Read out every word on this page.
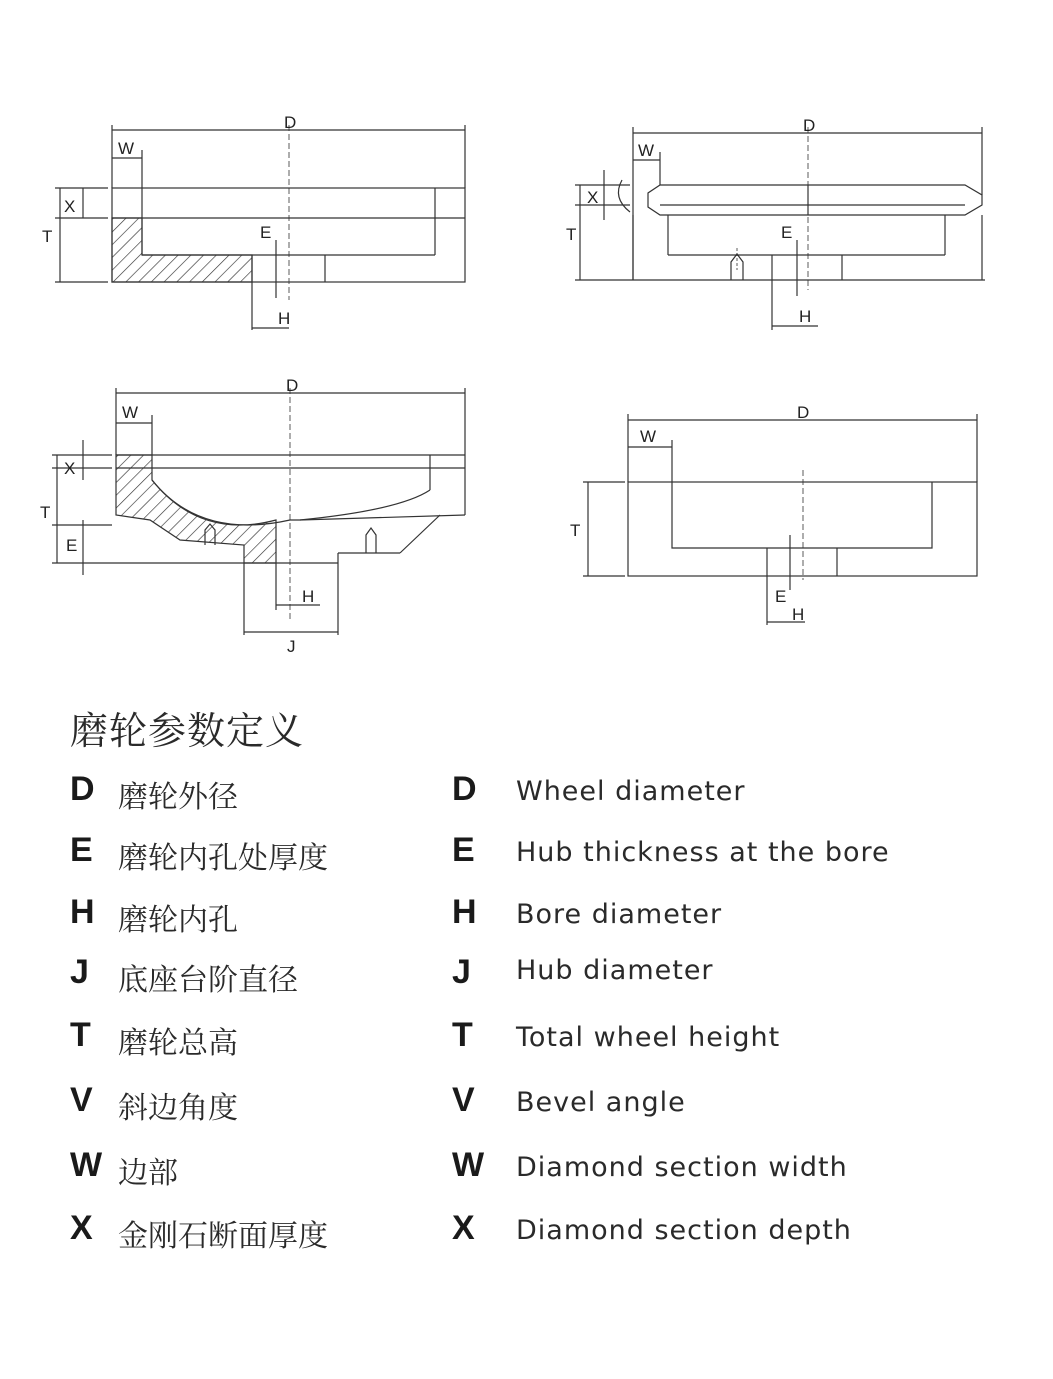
D
W
X
T	E
H
D
W
X
T	E
H
D
W
X
T
E
H
J
D
W
T
E
H
磨轮参数定义
D 磨轮外径	D Wheel diameter
E 磨轮内孔处厚度	E Hub thickness at the bore
H 磨轮内孔	H Bore diameter
J 底座台阶直径	J Hub diameter
T 磨轮总高	T Total wheel height
V 斜边角度	V Bevel angle
W 边部	W Diamond section width
X 金刚石断面厚度	X Diamond section depth
